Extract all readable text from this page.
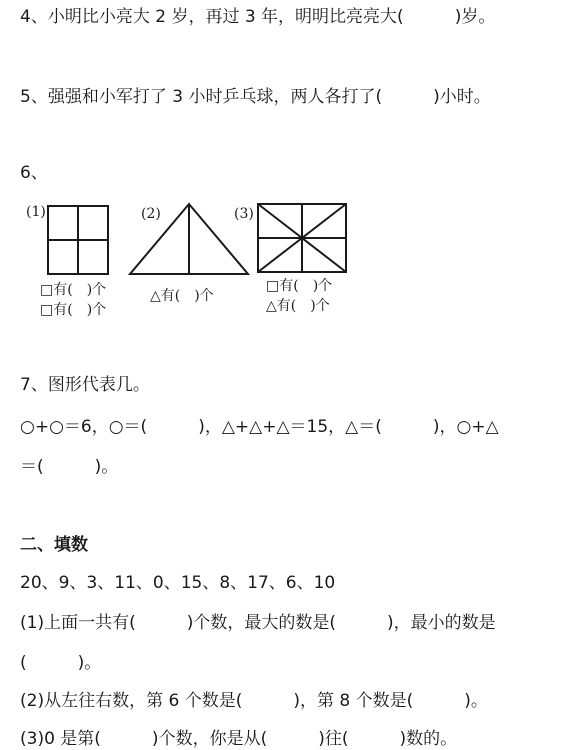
4、小明比小亮大 2 岁，再过 3 年，明明比亮亮大(　　　)岁。
5、强强和小军打了 3 小时乒乓球，两人各打了(　　　)小时。
6、
(1)
□有(　)个
□有(　)个
(2)
△有(　)个
(3)
□有(　)个
△有(　)个
7、图形代表几。
○+○＝6，○＝(　　　)，△+△+△＝15，△＝(　　　)，○+△
＝(　　　)。
二、填数
20、9、3、11、0、15、8、17、6、10
(1)上面一共有(　　　)个数，最大的数是(　　　)，最小的数是
(　　　)。
(2)从左往右数，第 6 个数是(　　　)，第 8 个数是(　　　)。
(3)0 是第(　　　)个数，你是从(　　　)往(　　　)数的。
